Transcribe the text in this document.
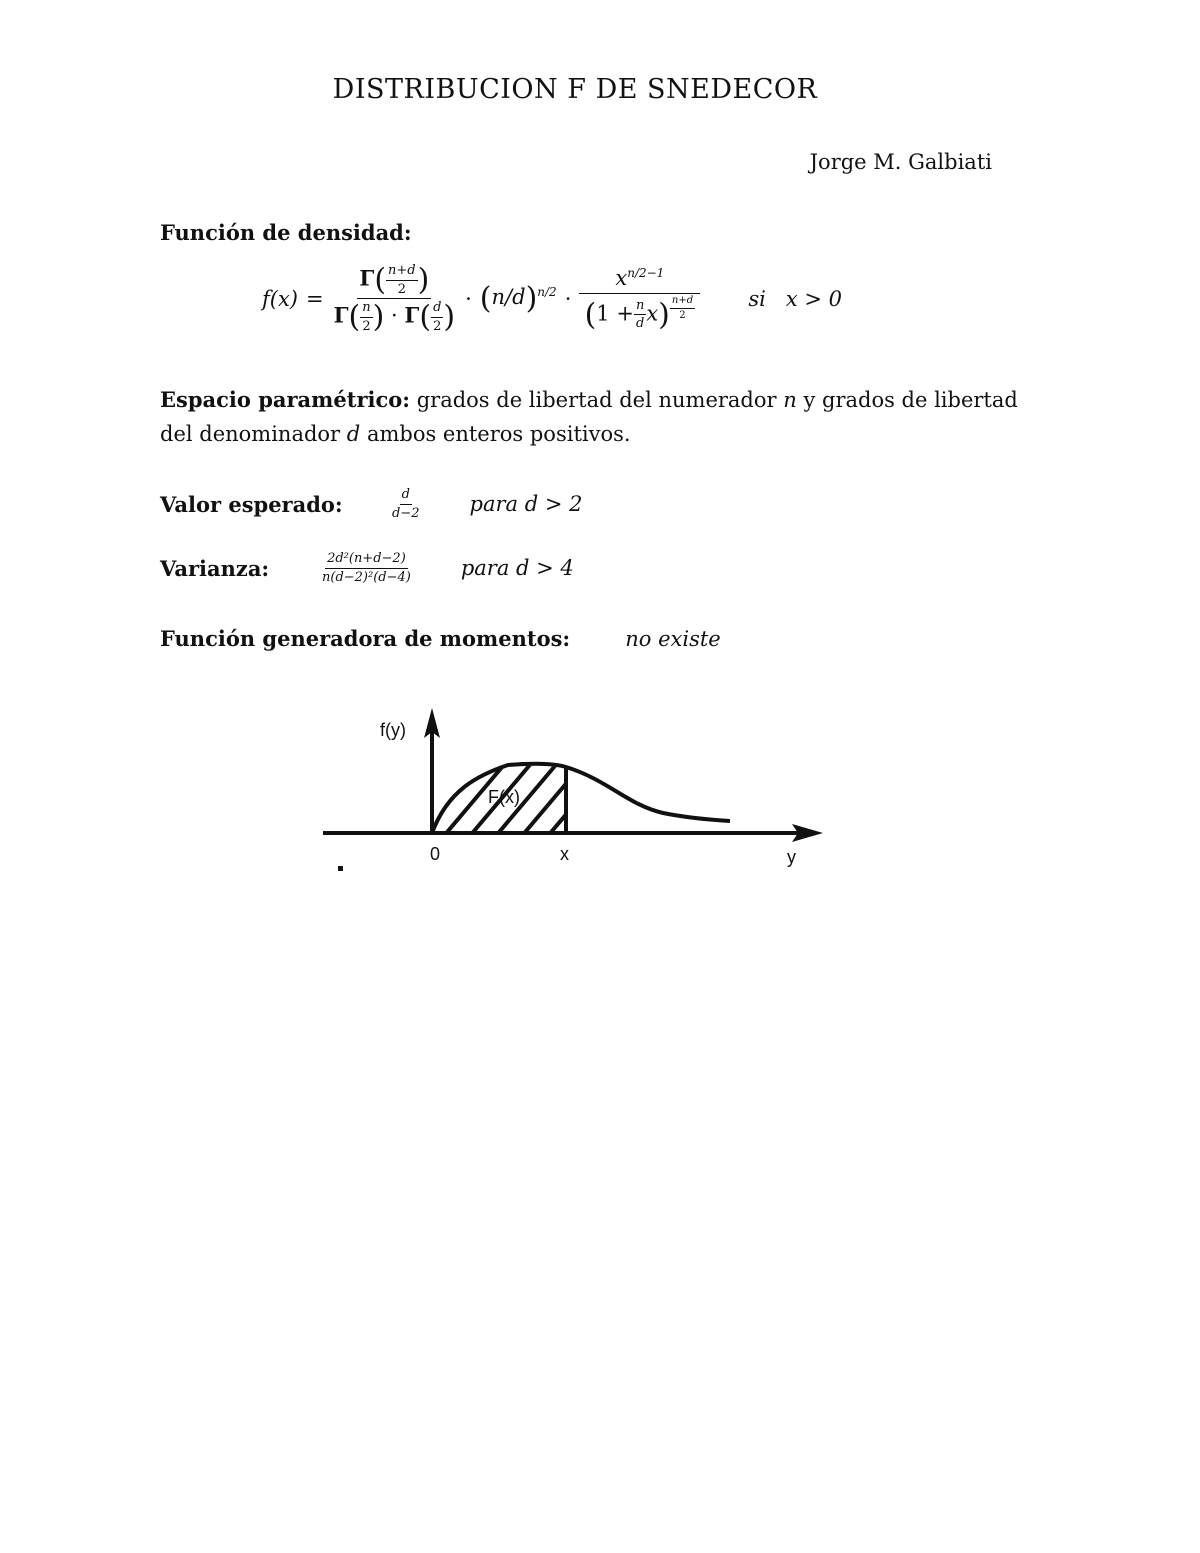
DISTRIBUCION F DE SNEDECOR
Jorge M. Galbiati
Función de densidad:
$f(x) = \frac{\Gamma( \frac{n+d}{2} )}{\Gamma( \frac{n}{2} ) \cdot \Gamma( \frac{d}{2} )} \cdot (n/d)^{n/2} \cdot x^{n/2-1}$
$(1 + \frac{n}{d} x)$ $^{\frac{n+d}{2}}$ si x > 0
Espacio paramétrico: grados de libertad del numerador n y grados de libertad
del denominador d ambos enteros positivos.
Valor esperado:	$\frac{d}{d-2}$ para d > 2
Varianza:	$\frac{\text{2d²(n+d−2)}}{\text{n(d−2)²(d−4)}}$ para d > 4
Función generadora de momentos:	no existe
f(y)
F(x)
0	x	y
